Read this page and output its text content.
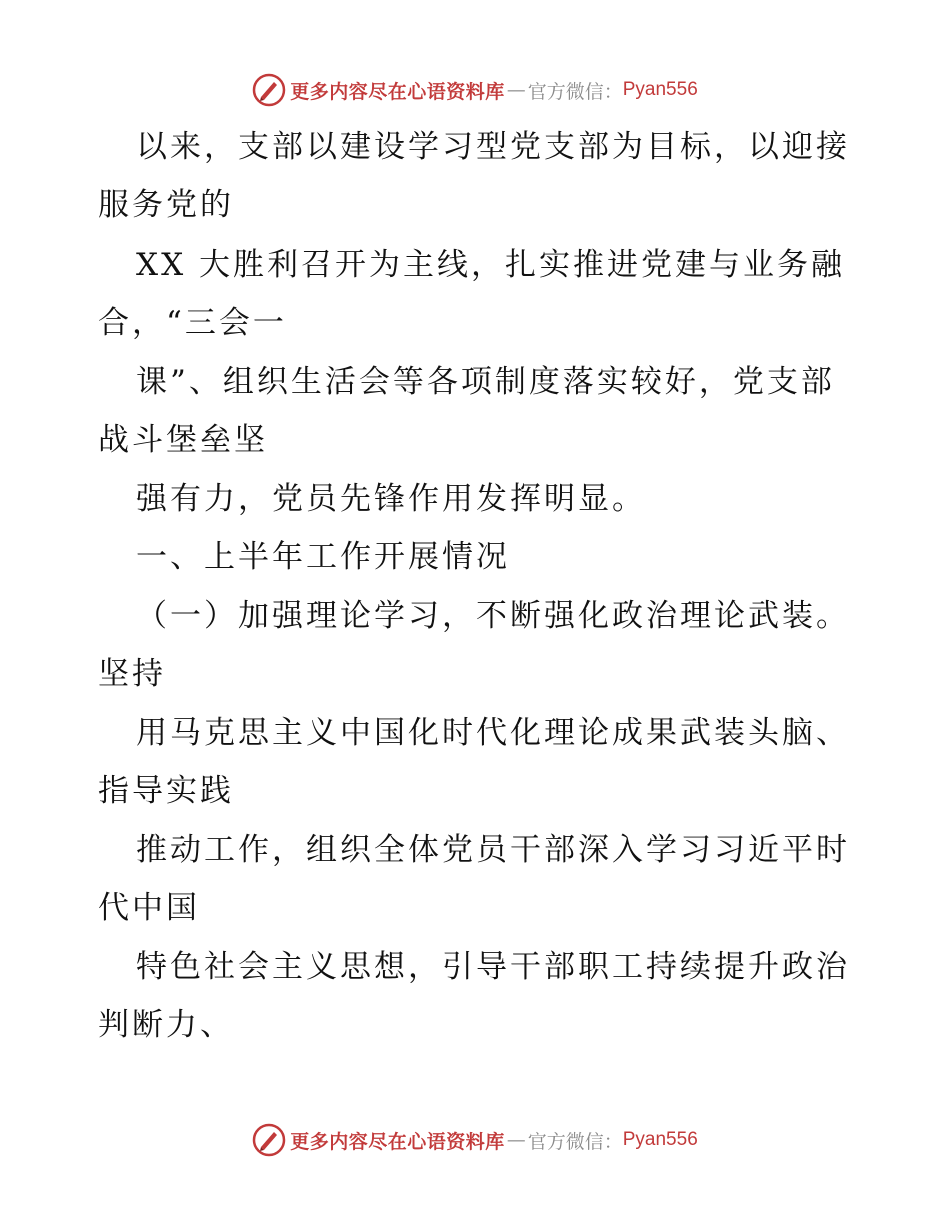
更多内容尽在心语资料库 — 官方微信： Pyan556
以来，支部以建设学习型党支部为目标，以迎接
服务党的
XX 大胜利召开为主线，扎实推进党建与业务融
合，“三会一
课”、组织生活会等各项制度落实较好，党支部
战斗堡垒坚
强有力，党员先锋作用发挥明显。
一、上半年工作开展情况
（一）加强理论学习，不断强化政治理论武装。
坚持
用马克思主义中国化时代化理论成果武装头脑、
指导实践
推动工作，组织全体党员干部深入学习习近平时
代中国
特色社会主义思想，引导干部职工持续提升政治
判断力、
更多内容尽在心语资料库 — 官方微信： Pyan556
